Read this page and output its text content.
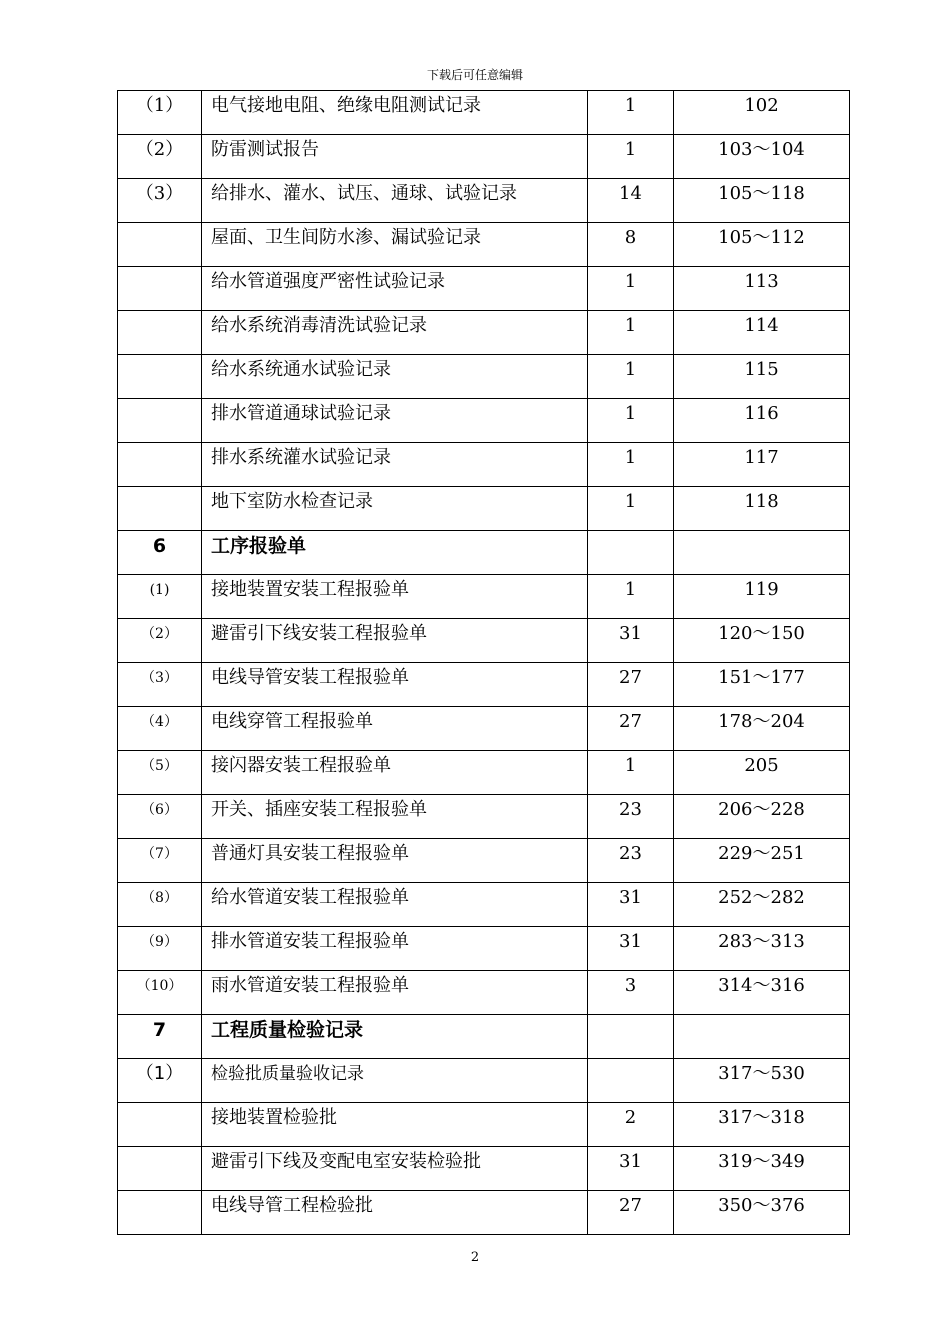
下载后可任意编辑
（1）	电气接地电阻、绝缘电阻测试记录	1	102
（2）	防雷测试报告	1	103～104
（3）	给排水、灌水、试压、通球、试验记录	14	105～118
	屋面、卫生间防水渗、漏试验记录	8	105～112
	给水管道强度严密性试验记录	1	113
	给水系统消毒清洗试验记录	1	114
	给水系统通水试验记录	1	115
	排水管道通球试验记录	1	116
	排水系统灌水试验记录	1	117
	地下室防水检查记录	1	118
6	工序报验单		
(1)	接地装置安装工程报验单	1	119
（2）	避雷引下线安装工程报验单	31	120～150
（3）	电线导管安装工程报验单	27	151～177
（4）	电线穿管工程报验单	27	178～204
（5）	接闪器安装工程报验单	1	205
（6）	开关、插座安装工程报验单	23	206～228
（7）	普通灯具安装工程报验单	23	229～251
（8）	给水管道安装工程报验单	31	252～282
（9）	排水管道安装工程报验单	31	283～313
（10）	雨水管道安装工程报验单	3	314～316
7	工程质量检验记录		
（1）	检验批质量验收记录		317～530
	接地装置检验批	2	317～318
	避雷引下线及变配电室安装检验批	31	319～349
	电线导管工程检验批	27	350～376
2
